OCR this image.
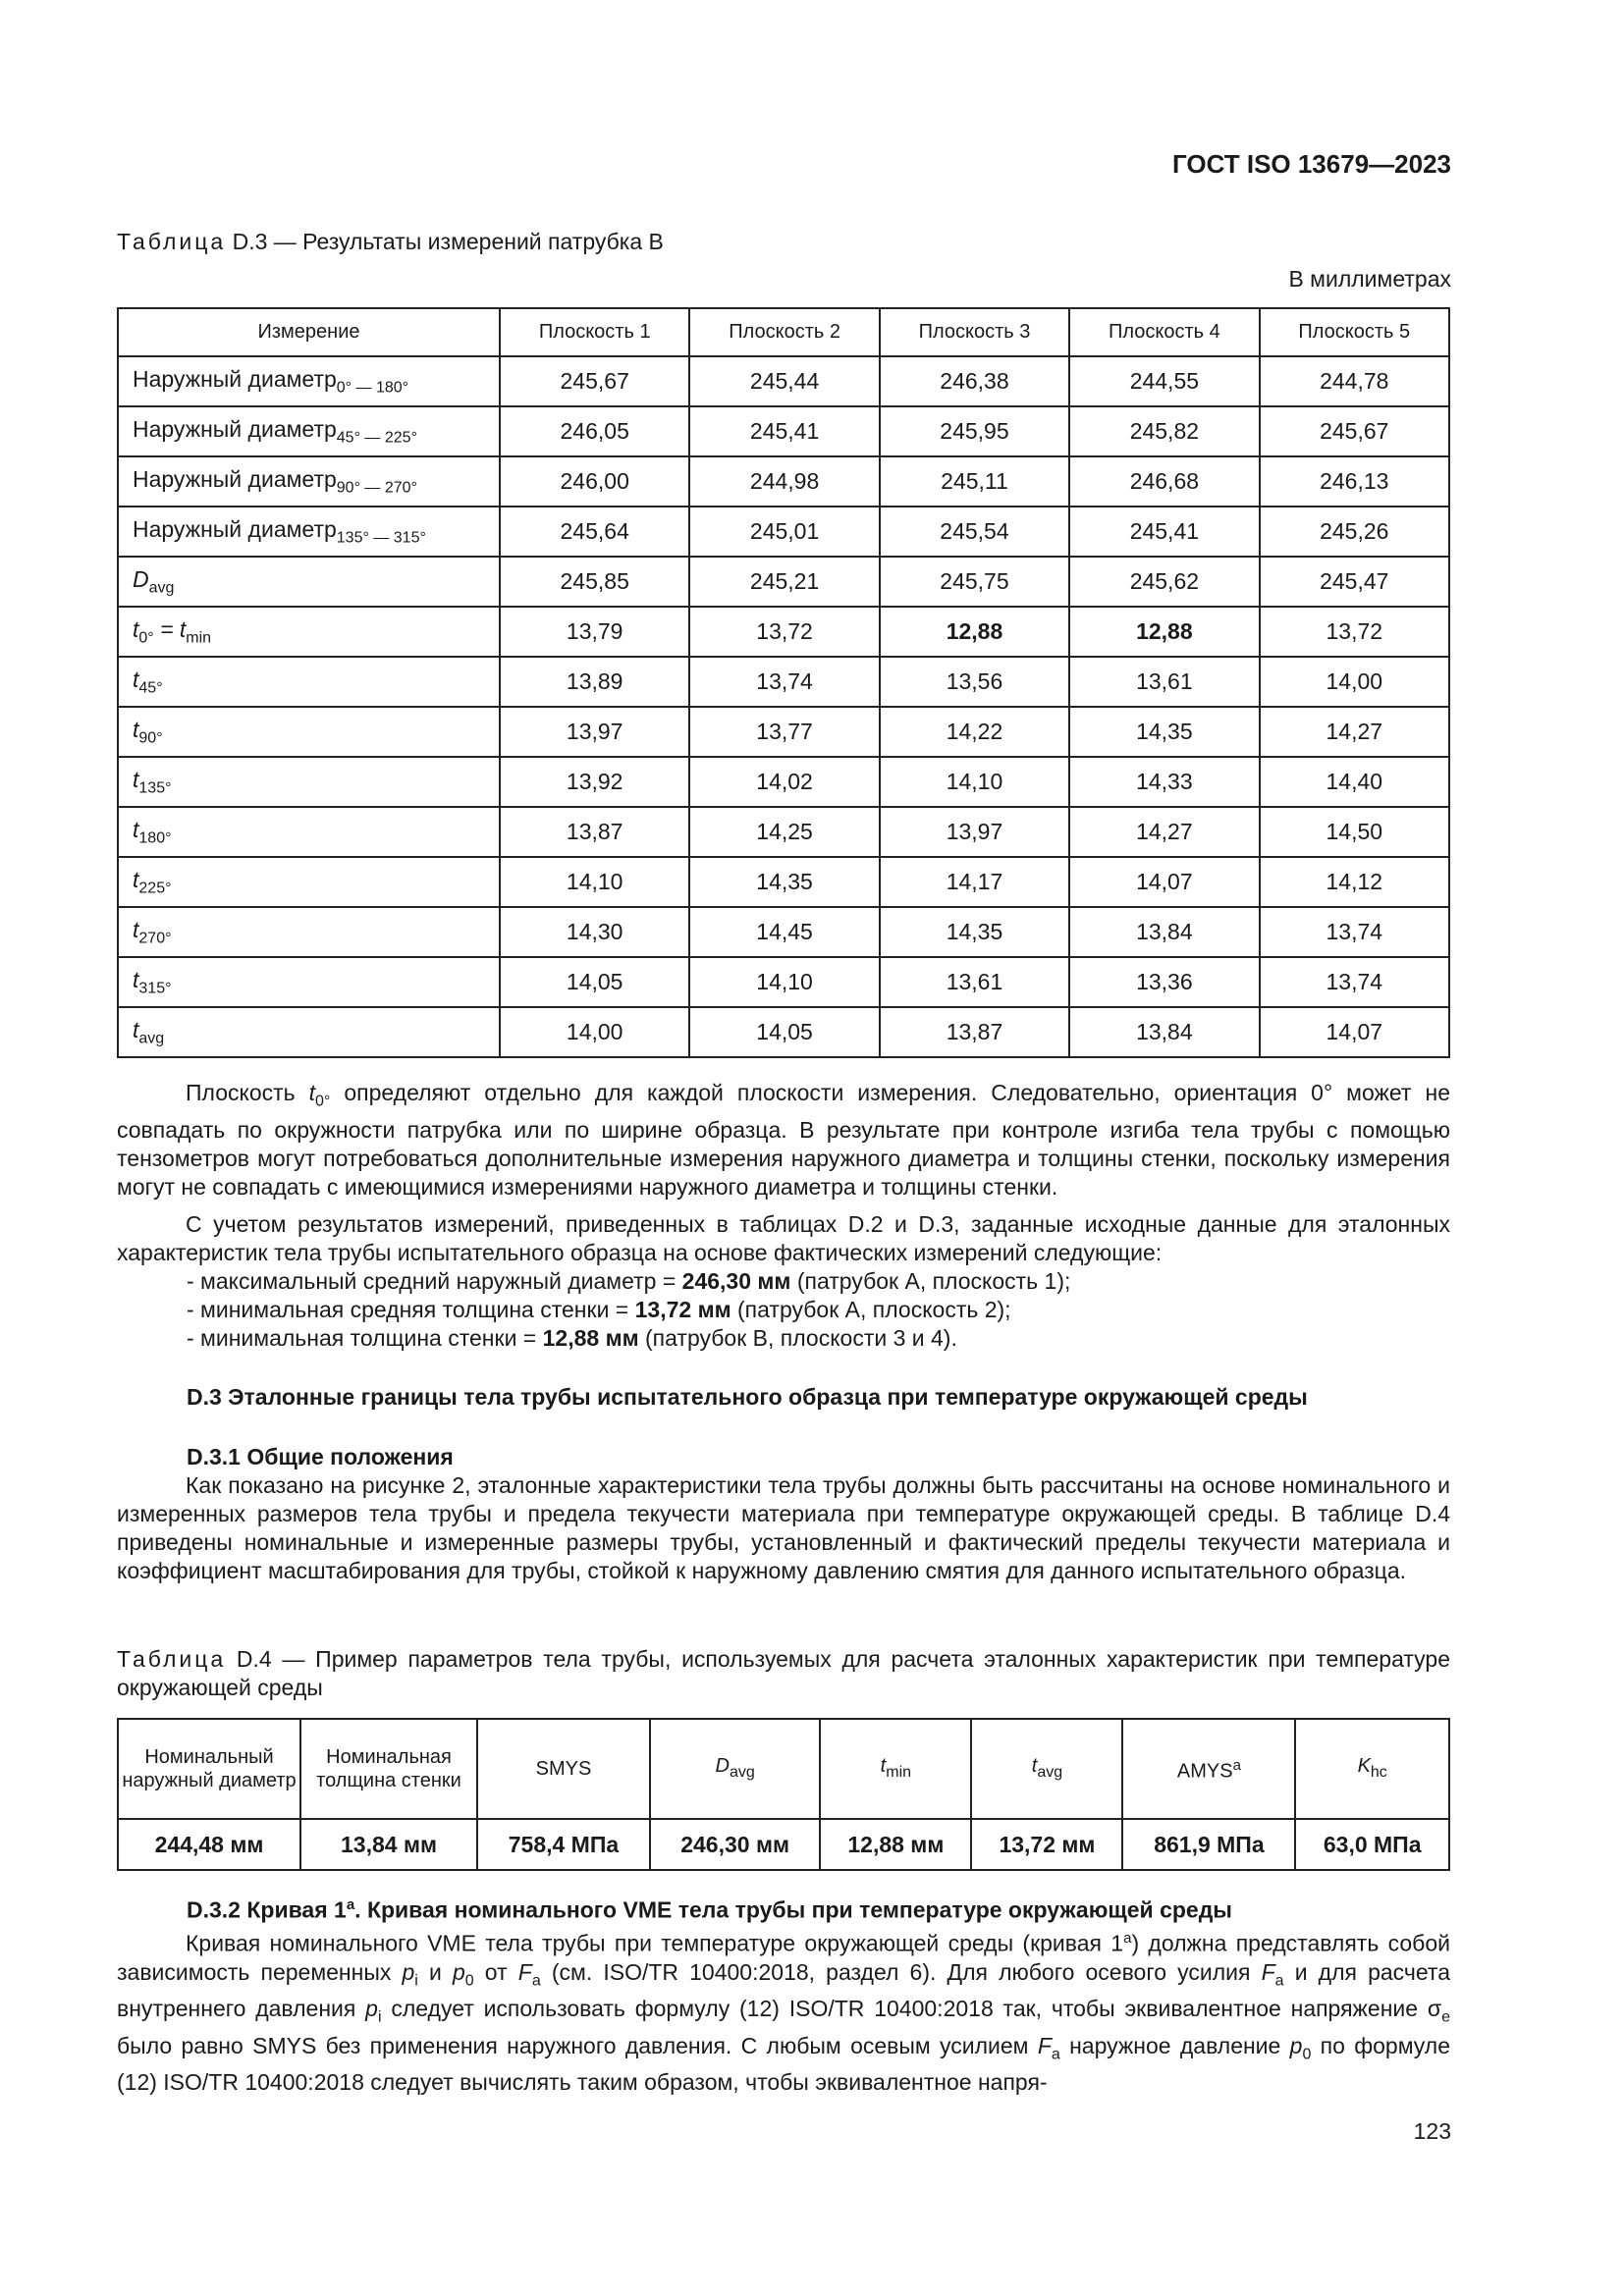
ГОСТ ISO 13679—2023
Таблица D.3 — Результаты измерений патрубка B
В миллиметрах
Измерение	Плоскость 1	Плоскость 2	Плоскость 3	Плоскость 4	Плоскость 5
Наружный диаметр$_{0^\circ — 180^\circ}$	245,67	245,44	246,38	244,55	244,78
Наружный диаметр$_{45^\circ — 225^\circ}$	246,05	245,41	245,95	245,82	245,67
Наружный диаметр$_{90^\circ — 270^\circ}$	246,00	244,98	245,11	246,68	246,13
Наружный диаметр$_{135^\circ — 315^\circ}$	245,64	245,01	245,54	245,41	245,26
$D_{avg}$	245,85	245,21	245,75	245,62	245,47
$t_{0^\circ} = t_{min}$	13,79	13,72	12,88	12,88	13,72
$t_{45^\circ}$	13,89	13,74	13,56	13,61	14,00
$t_{90^\circ}$	13,97	13,77	14,22	14,35	14,27
$t_{135^\circ}$	13,92	14,02	14,10	14,33	14,40
$t_{180^\circ}$	13,87	14,25	13,97	14,27	14,50
$t_{225^\circ}$	14,10	14,35	14,17	14,07	14,12
$t_{270^\circ}$	14,30	14,45	14,35	13,84	13,74
$t_{315^\circ}$	14,05	14,10	13,61	13,36	13,74
$t_{avg}$	14,00	14,05	13,87	13,84	14,07
Плоскость $t_{0^\circ}$ определяют отдельно для каждой плоскости измерения. Следовательно, ориентация 0° может не совпадать по окружности патрубка или по ширине образца. В результате при контроле изгиба тела трубы с помощью тензометров могут потребоваться дополнительные измерения наружного диаметра и толщины стенки, поскольку измерения могут не совпадать с имеющимися измерениями наружного диаметра и толщины стенки.
С учетом результатов измерений, приведенных в таблицах D.2 и D.3, заданные исходные данные для эталонных характеристик тела трубы испытательного образца на основе фактических измерений следующие:
- максимальный средний наружный диаметр = 246,30 мм (патрубок А, плоскость 1);
- минимальная средняя толщина стенки = 13,72 мм (патрубок А, плоскость 2);
- минимальная толщина стенки = 12,88 мм (патрубок В, плоскости 3 и 4).
D.3 Эталонные границы тела трубы испытательного образца при температуре окружающей среды
D.3.1 Общие положения
Как показано на рисунке 2, эталонные характеристики тела трубы должны быть рассчитаны на основе номинального и измеренных размеров тела трубы и предела текучести материала при температуре окружающей среды. В таблице D.4 приведены номинальные и измеренные размеры трубы, установленный и фактический пределы текучести материала и коэффициент масштабирования для трубы, стойкой к наружному давлению смятия для данного испытательного образца.
Таблица D.4 — Пример параметров тела трубы, используемых для расчета эталонных характеристик при температуре окружающей среды
Номинальный наружный диаметр	Номинальная толщина стенки	SMYS	$D_{avg}$	$t_{min}$	$t_{avg}$	AMYS$^a$	$K_{hc}$
244,48 мм	13,84 мм	758,4 МПа	246,30 мм	12,88 мм	13,72 мм	861,9 МПа	63,0 МПа
D.3.2 Кривая 1$^a$. Кривая номинального VME тела трубы при температуре окружающей среды
Кривая номинального VME тела трубы при температуре окружающей среды (кривая 1$^a$) должна представлять собой зависимость переменных $p_i$ и $p_0$ от $F_a$ (см. ISO/TR 10400:2018, раздел 6). Для любого осевого усилия $F_a$ и для расчета внутреннего давления $p_i$ следует использовать формулу (12) ISO/TR 10400:2018 так, чтобы эквивалентное напряжение $\sigma_e$ было равно SMYS без применения наружного давления. С любым осевым усилием $F_a$ наружное давление $p_0$ по формуле (12) ISO/TR 10400:2018 следует вычислять таким образом, чтобы эквивалентное напря-
123
